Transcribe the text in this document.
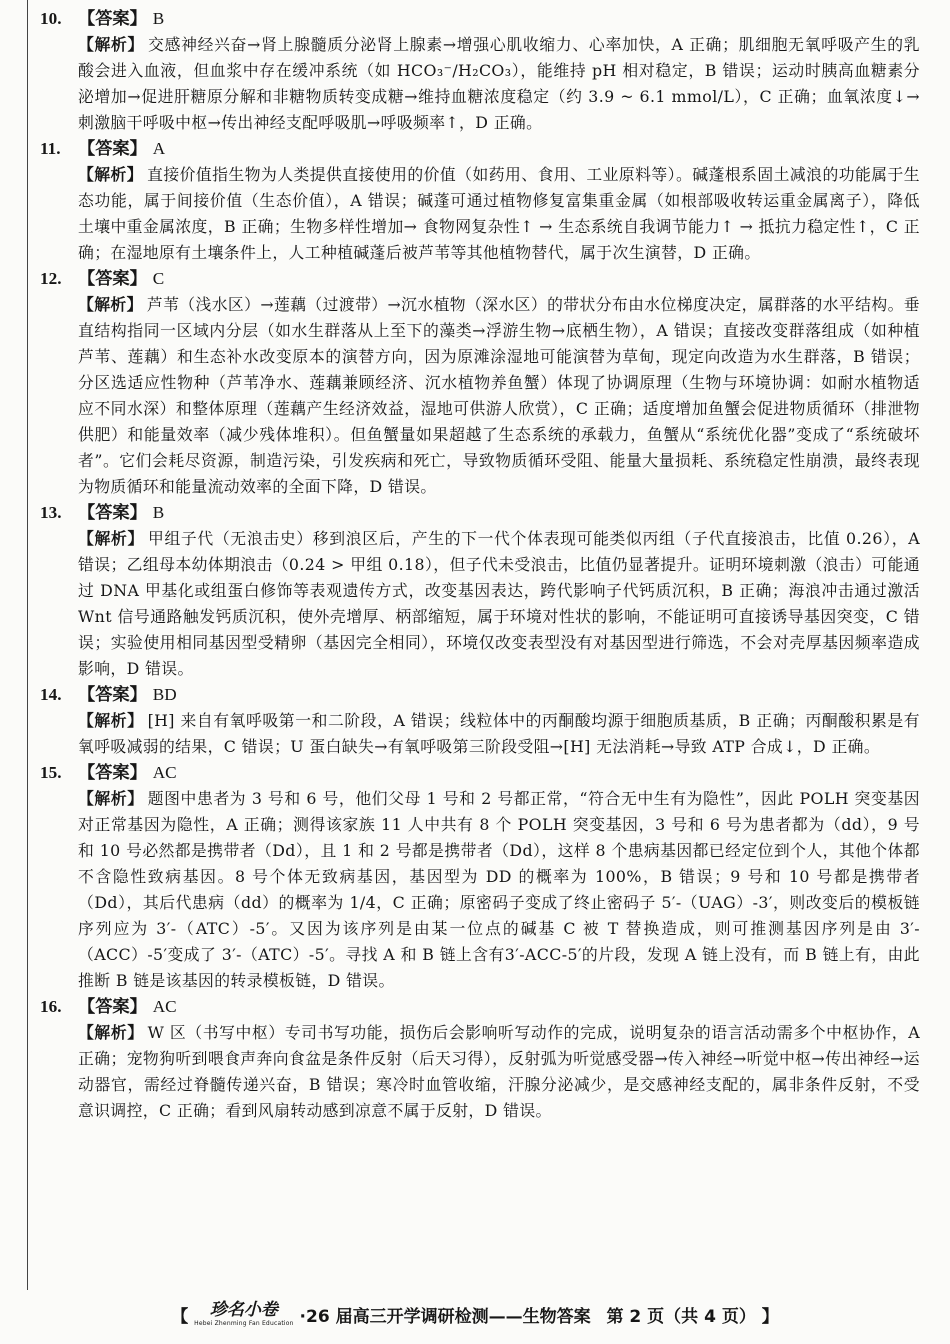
10. 【答案】 B
【解析】 交感神经兴奋→肾上腺髓质分泌肾上腺素→增强心肌收缩力、心率加快，A 正确；肌细胞无氧呼吸产生的乳酸会进入血液，但血浆中存在缓冲系统（如 HCO₃⁻/H₂CO₃），能维持 pH 相对稳定，B 错误；运动时胰高血糖素分泌增加→促进肝糖原分解和非糖物质转变成糖→维持血糖浓度稳定（约 3.9 ~ 6.1 mmol/L），C 正确；血氧浓度↓→刺激脑干呼吸中枢→传出神经支配呼吸肌→呼吸频率↑，D 正确。
11. 【答案】 A
【解析】 直接价值指生物为人类提供直接使用的价值（如药用、食用、工业原料等）。碱蓬根系固土减浪的功能属于生态功能，属于间接价值（生态价值），A 错误；碱蓬可通过植物修复富集重金属（如根部吸收转运重金属离子），降低土壤中重金属浓度，B 正确；生物多样性增加→ 食物网复杂性↑ → 生态系统自我调节能力↑ → 抵抗力稳定性↑，C 正确；在湿地原有土壤条件上，人工种植碱蓬后被芦苇等其他植物替代，属于次生演替，D 正确。
12. 【答案】 C
【解析】 芦苇（浅水区）→莲藕（过渡带）→沉水植物（深水区）的带状分布由水位梯度决定，属群落的水平结构。垂直结构指同一区域内分层（如水生群落从上至下的藻类→浮游生物→底栖生物），A 错误；直接改变群落组成（如种植芦苇、莲藕）和生态补水改变原本的演替方向，因为原滩涂湿地可能演替为草甸，现定向改造为水生群落，B 错误；分区选适应性物种（芦苇净水、莲藕兼顾经济、沉水植物养鱼蟹）体现了协调原理（生物与环境协调：如耐水植物适应不同水深）和整体原理（莲藕产生经济效益，湿地可供游人欣赏），C 正确；适度增加鱼蟹会促进物质循环（排泄物供肥）和能量效率（减少残体堆积）。但鱼蟹量如果超越了生态系统的承载力，鱼蟹从“系统优化器”变成了“系统破坏者”。它们会耗尽资源，制造污染，引发疾病和死亡，导致物质循环受阻、能量大量损耗、系统稳定性崩溃，最终表现为物质循环和能量流动效率的全面下降，D 错误。
13. 【答案】 B
【解析】 甲组子代（无浪击史）移到浪区后，产生的下一代个体表现可能类似丙组（子代直接浪击，比值 0.26），A 错误；乙组母本幼体期浪击（0.24 > 甲组 0.18），但子代未受浪击，比值仍显著提升。证明环境刺激（浪击）可能通过 DNA 甲基化或组蛋白修饰等表观遗传方式，改变基因表达，跨代影响子代钙质沉积，B 正确；海浪冲击通过激活 Wnt 信号通路触发钙质沉积，使外壳增厚、柄部缩短，属于环境对性状的影响，不能证明可直接诱导基因突变，C 错误；实验使用相同基因型受精卵（基因完全相同），环境仅改变表型没有对基因型进行筛选，不会对壳厚基因频率造成影响，D 错误。
14. 【答案】 BD
【解析】 [H] 来自有氧呼吸第一和二阶段，A 错误；线粒体中的丙酮酸均源于细胞质基质，B 正确；丙酮酸积累是有氧呼吸减弱的结果，C 错误；U 蛋白缺失→有氧呼吸第三阶段受阻→[H] 无法消耗→导致 ATP 合成↓，D 正确。
15. 【答案】 AC
【解析】 题图中患者为 3 号和 6 号，他们父母 1 号和 2 号都正常，“符合无中生有为隐性”，因此 POLH 突变基因对正常基因为隐性，A 正确；测得该家族 11 人中共有 8 个 POLH 突变基因，3 号和 6 号为患者都为（dd），9 号和 10 号必然都是携带者（Dd），且 1 和 2 号都是携带者（Dd），这样 8 个患病基因都已经定位到个人，其他个体都不含隐性致病基因。8 号个体无致病基因，基因型为 DD 的概率为 100%，B 错误；9 号和 10 号都是携带者（Dd），其后代患病（dd）的概率为 1/4，C 正确；原密码子变成了终止密码子 5′-（UAG）-3′，则改变后的模板链序列应为 3′-（ATC）-5′。又因为该序列是由某一位点的碱基 C 被 T 替换造成，则可推测基因序列是由 3′-（ACC）-5′变成了 3′-（ATC）-5′。寻找 A 和 B 链上含有3′-ACC-5′的片段，发现 A 链上没有，而 B 链上有，由此推断 B 链是该基因的转录模板链，D 错误。
16. 【答案】 AC
【解析】 W 区（书写中枢）专司书写功能，损伤后会影响听写动作的完成，说明复杂的语言活动需多个中枢协作，A 正确；宠物狗听到喂食声奔向食盆是条件反射（后天习得），反射弧为听觉感受器→传入神经→听觉中枢→传出神经→运动器官，需经过脊髓传递兴奋，B 错误；寒冷时血管收缩，汗腺分泌减少，是交感神经支配的，属非条件反射，不受意识调控，C 正确；看到风扇转动感到凉意不属于反射，D 错误。
【 珍名小卷
Hebei Zhenming Fan Education ·26 届高三开学调研检测——生物答案 第 2 页（共 4 页） 】
